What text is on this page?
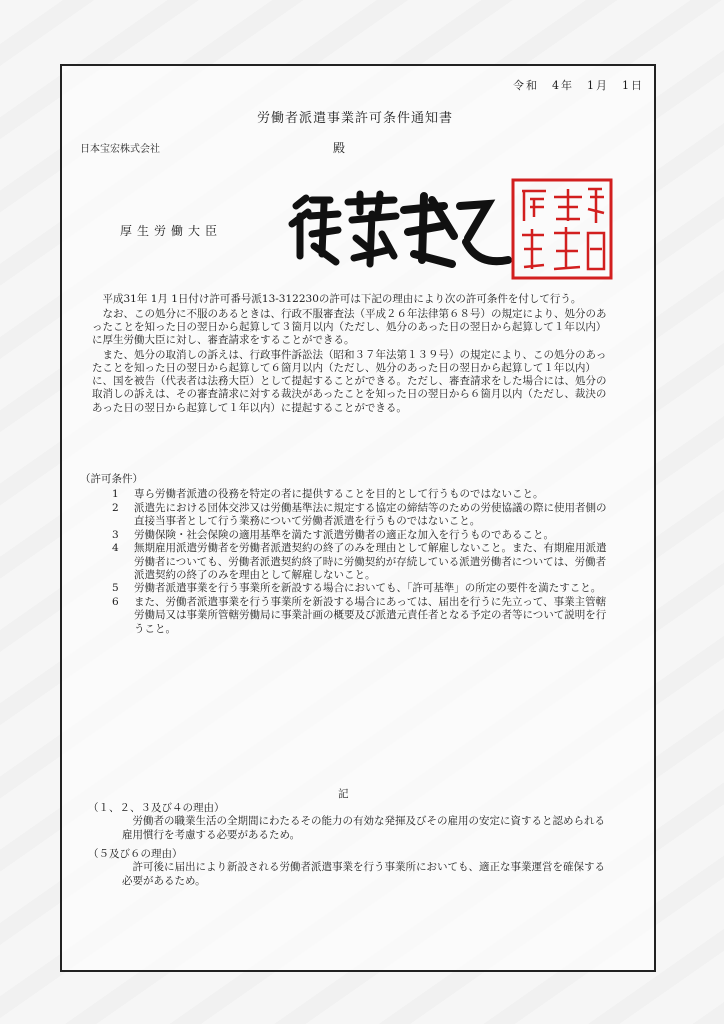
令和　4年　1月　1日
労働者派遣事業許可条件通知書
日本宝宏株式会社	殿
厚生労働大臣

平成31年 1月 1日付け許可番号派13-312230の許可は下記の理由により次の許可条件を付して行う。

なお、この処分に不服のあるときは、行政不服審査法（平成２６年法律第６８号）の規定により、処分のあったことを知った日の翌日から起算して３箇月以内（ただし、処分のあった日の翌日から起算して１年以内）に厚生労働大臣に対し、審査請求をすることができる。

また、処分の取消しの訴えは、行政事件訴訟法（昭和３７年法第１３９号）の規定により、この処分のあったことを知った日の翌日から起算して６箇月以内（ただし、処分のあった日の翌日から起算して１年以内）に、国を被告（代表者は法務大臣）として提起することができる。ただし、審査請求をした場合には、処分の取消しの訴えは、その審査請求に対する裁決があったことを知った日の翌日から６箇月以内（ただし、裁決のあった日の翌日から起算して１年以内）に提起することができる。

（許可条件）
1 専ら労働者派遣の役務を特定の者に提供することを目的として行うものではないこと。
2 派遣先における団体交渉又は労働基準法に規定する協定の締結等のための労使協議の際に使用者側の直接当事者として行う業務について労働者派遣を行うものではないこと。
3 労働保険・社会保険の適用基準を満たす派遣労働者の適正な加入を行うものであること。
4 無期雇用派遣労働者を労働者派遣契約の終了のみを理由として解雇しないこと。また、有期雇用派遣労働者についても、労働者派遣契約終了時に労働契約が存続している派遣労働者については、労働者派遣契約の終了のみを理由として解雇しないこと。
5 労働者派遣事業を行う事業所を新設する場合においても、「許可基準」の所定の要件を満たすこと。
6 また、労働者派遣事業を行う事業所を新設する場合にあっては、届出を行うに先立って、事業主管轄労働局又は事業所管轄労働局に事業計画の概要及び派遣元責任者となる予定の者等について説明を行うこと。
記
（１、２、３及び４の理由）
労働者の職業生活の全期間にわたるその能力の有効な発揮及びその雇用の安定に資すると認められる雇用慣行を考慮する必要があるため。
（５及び６の理由）
許可後に届出により新設される労働者派遣事業を行う事業所においても、適正な事業運営を確保する必要があるため。
